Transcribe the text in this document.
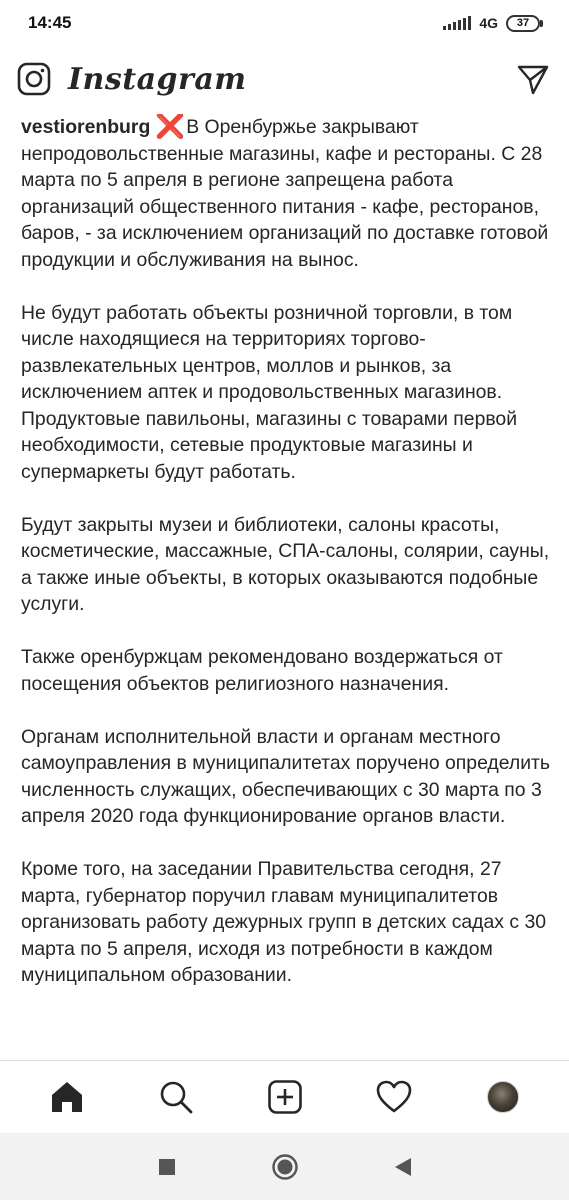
14:45	4G	37
Instagram

vestiorenburg ❌В Оренбуржье закрывают непродовольственные магазины, кафе и рестораны. С 28 марта по 5 апреля в регионе запрещена работа организаций общественного питания - кафе, ресторанов, баров, - за исключением организаций по доставке готовой продукции и обслуживания на вынос.

Не будут работать объекты розничной торговли, в том числе находящиеся на территориях торгово-развлекательных центров, моллов и рынков, за исключением аптек и продовольственных магазинов. Продуктовые павильоны, магазины с товарами первой необходимости, сетевые продуктовые магазины и супермаркеты будут работать.

Будут закрыты музеи и библиотеки, салоны красоты, косметические, массажные, СПА-салоны, солярии, сауны, а также иные объекты, в которых оказываются подобные услуги.

Также оренбуржцам рекомендовано воздержаться от посещения объектов религиозного назначения.

Органам исполнительной власти и органам местного самоуправления в муниципалитетах поручено определить численность служащих, обеспечивающих с 30 марта по 3 апреля 2020 года функционирование органов власти.

Кроме того, на заседании Правительства сегодня, 27 марта, губернатор поручил главам муниципалитетов организовать работу дежурных групп в детских садах с 30 марта по 5 апреля, исходя из потребности в каждом муниципальном образовании.
